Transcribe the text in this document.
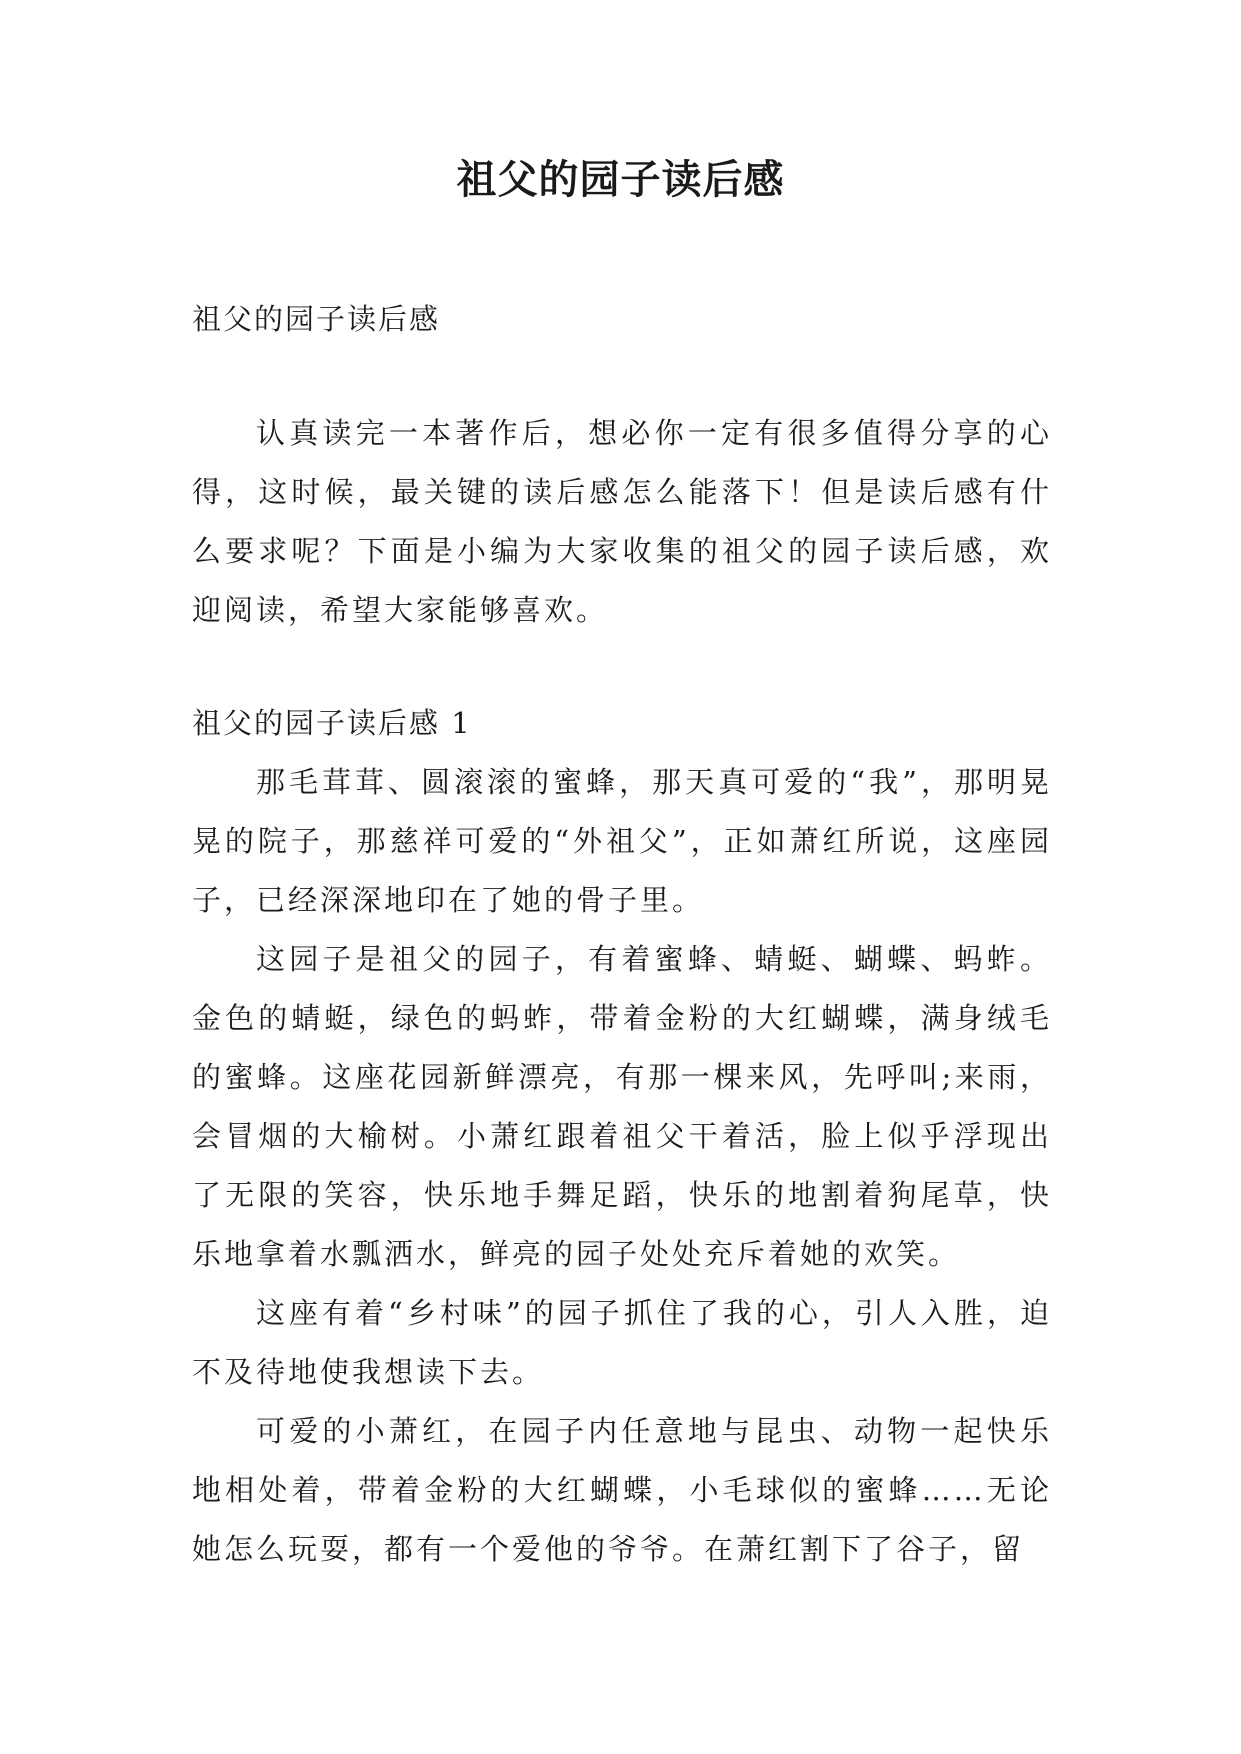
祖父的园子读后感
祖父的园子读后感
认真读完一本著作后，想必你一定有很多值得分享的心得，这时候，最关键的读后感怎么能落下！但是读后感有什么要求呢？下面是小编为大家收集的祖父的园子读后感，欢迎阅读，希望大家能够喜欢。
祖父的园子读后感 1

那毛茸茸、圆滚滚的蜜蜂，那天真可爱的“我”，那明晃晃的院子，那慈祥可爱的“外祖父”，正如萧红所说，这座园子，已经深深地印在了她的骨子里。

这园子是祖父的园子，有着蜜蜂、蜻蜓、蝴蝶、蚂蚱。金色的蜻蜓，绿色的蚂蚱，带着金粉的大红蝴蝶，满身绒毛的蜜蜂。这座花园新鲜漂亮，有那一棵来风，先呼叫;来雨，会冒烟的大榆树。小萧红跟着祖父干着活，脸上似乎浮现出了无限的笑容，快乐地手舞足蹈，快乐的地割着狗尾草，快乐地拿着水瓢洒水，鲜亮的园子处处充斥着她的欢笑。

这座有着“乡村味”的园子抓住了我的心，引人入胜，迫不及待地使我想读下去。

可爱的小萧红，在园子内任意地与昆虫、动物一起快乐地相处着，带着金粉的大红蝴蝶，小毛球似的蜜蜂……无论她怎么玩耍，都有一个爱他的爷爷。在萧红割下了谷子，留
